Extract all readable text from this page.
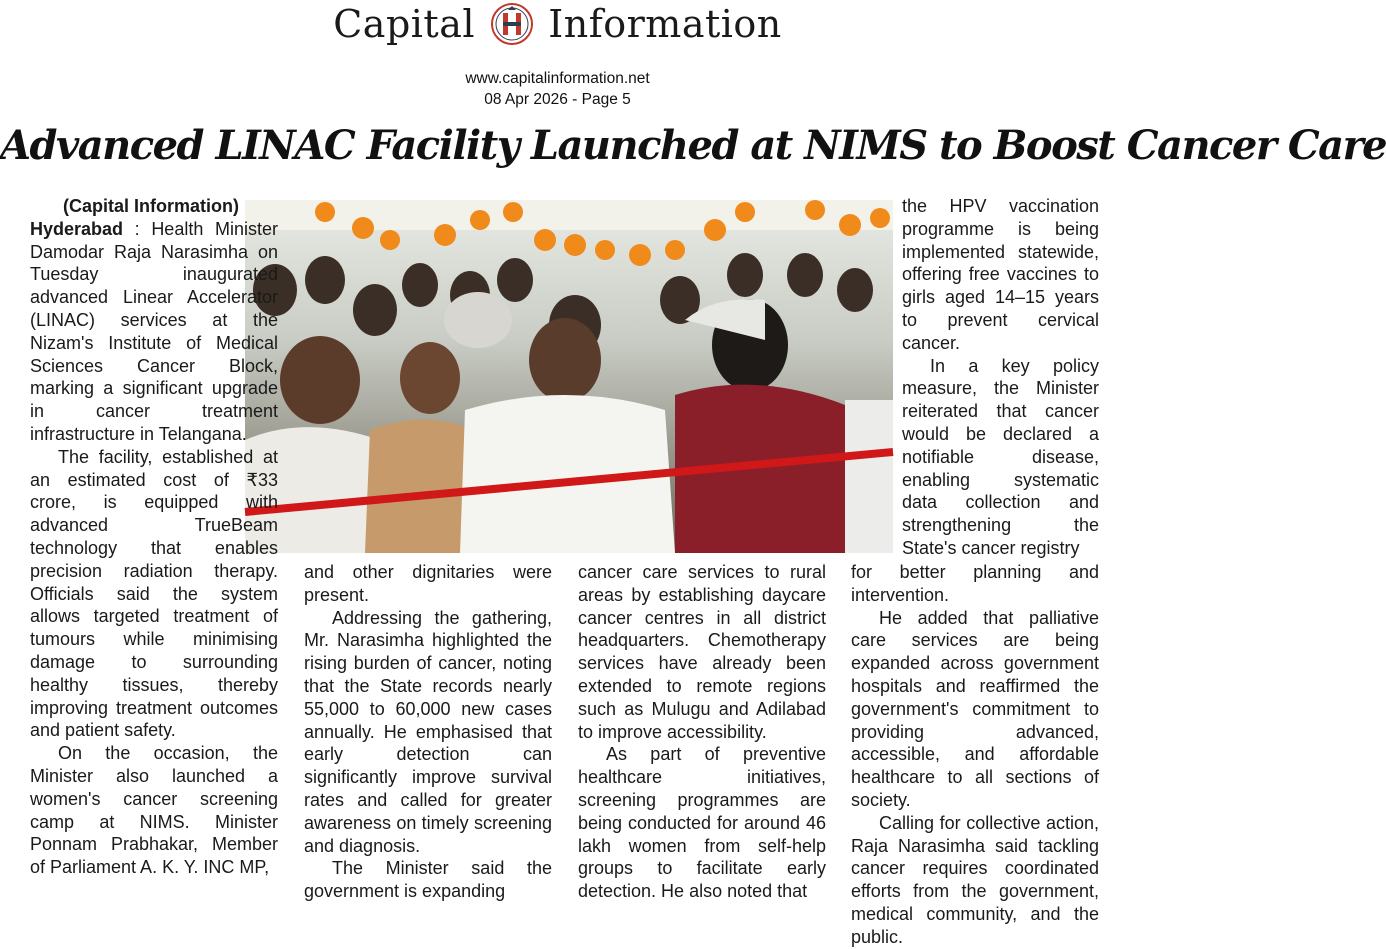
Capital Information
www.capitalinformation.net
08 Apr 2026 - Page 5
Advanced LINAC Facility Launched at NIMS to Boost Cancer Care

(Capital Information)

Hyderabad : Health Minister Damodar Raja Narasimha on Tuesday inaugurated advanced Linear Accelerator (LINAC) services at the Nizam's Institute of Medical Sciences Cancer Block, marking a significant upgrade in cancer treatment infrastructure in Telangana.

The facility, established at an estimated cost of ₹33 crore, is equipped with advanced TrueBeam technology that enables precision radiation therapy. Officials said the system allows targeted treatment of tumours while minimising damage to surrounding healthy tissues, thereby improving treatment outcomes and patient safety.

On the occasion, the Minister also launched a women's cancer screening camp at NIMS. Minister Ponnam Prabhakar, Member of Parliament A. K. Y. INC MP,

and other dignitaries were present.

Addressing the gathering, Mr. Narasimha highlighted the rising burden of cancer, noting that the State records nearly 55,000 to 60,000 new cases annually. He emphasised that early detection can significantly improve survival rates and called for greater awareness on timely screening and diagnosis.

The Minister said the government is expanding

cancer care services to rural areas by establishing daycare cancer centres in all district headquarters. Chemotherapy services have already been extended to remote regions such as Mulugu and Adilabad to improve accessibility.

As part of preventive healthcare initiatives, screening programmes are being conducted for around 46 lakh women from self-help groups to facilitate early detection. He also noted that

the HPV vaccination programme is being implemented statewide, offering free vaccines to girls aged 14–15 years to prevent cervical cancer.

In a key policy measure, the Minister reiterated that cancer would be declared a notifiable disease, enabling systematic data collection and strengthening the State's cancer registry

for better planning and intervention.

He added that palliative care services are being expanded across government hospitals and reaffirmed the government's commitment to providing advanced, accessible, and affordable healthcare to all sections of society.

Calling for collective action, Raja Narasimha said tackling cancer requires coordinated efforts from the government, medical community, and the public.
